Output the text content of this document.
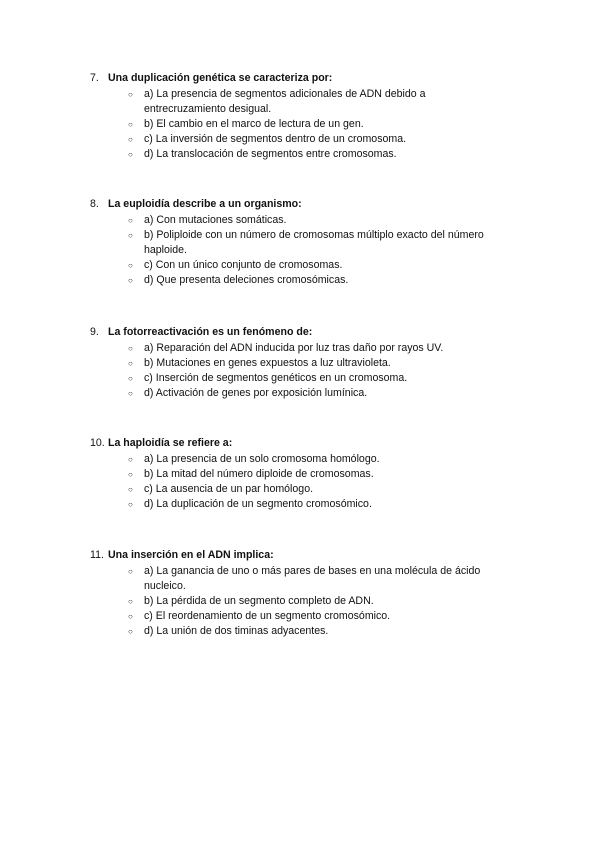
7. Una duplicación genética se caracteriza por:
○ a) La presencia de segmentos adicionales de ADN debido a entrecruzamiento desigual.
○ b) El cambio en el marco de lectura de un gen.
○ c) La inversión de segmentos dentro de un cromosoma.
○ d) La translocación de segmentos entre cromosomas.
8. La euploidía describe a un organismo:
○ a) Con mutaciones somáticas.
○ b) Poliploide con un número de cromosomas múltiplo exacto del número haploide.
○ c) Con un único conjunto de cromosomas.
○ d) Que presenta deleciones cromosómicas.
9. La fotorreactivación es un fenómeno de:
○ a) Reparación del ADN inducida por luz tras daño por rayos UV.
○ b) Mutaciones en genes expuestos a luz ultravioleta.
○ c) Inserción de segmentos genéticos en un cromosoma.
○ d) Activación de genes por exposición lumínica.
10. La haploidía se refiere a:
○ a) La presencia de un solo cromosoma homólogo.
○ b) La mitad del número diploide de cromosomas.
○ c) La ausencia de un par homólogo.
○ d) La duplicación de un segmento cromosómico.
11. Una inserción en el ADN implica:
○ a) La ganancia de uno o más pares de bases en una molécula de ácido nucleico.
○ b) La pérdida de un segmento completo de ADN.
○ c) El reordenamiento de un segmento cromosómico.
○ d) La unión de dos timinas adyacentes.
